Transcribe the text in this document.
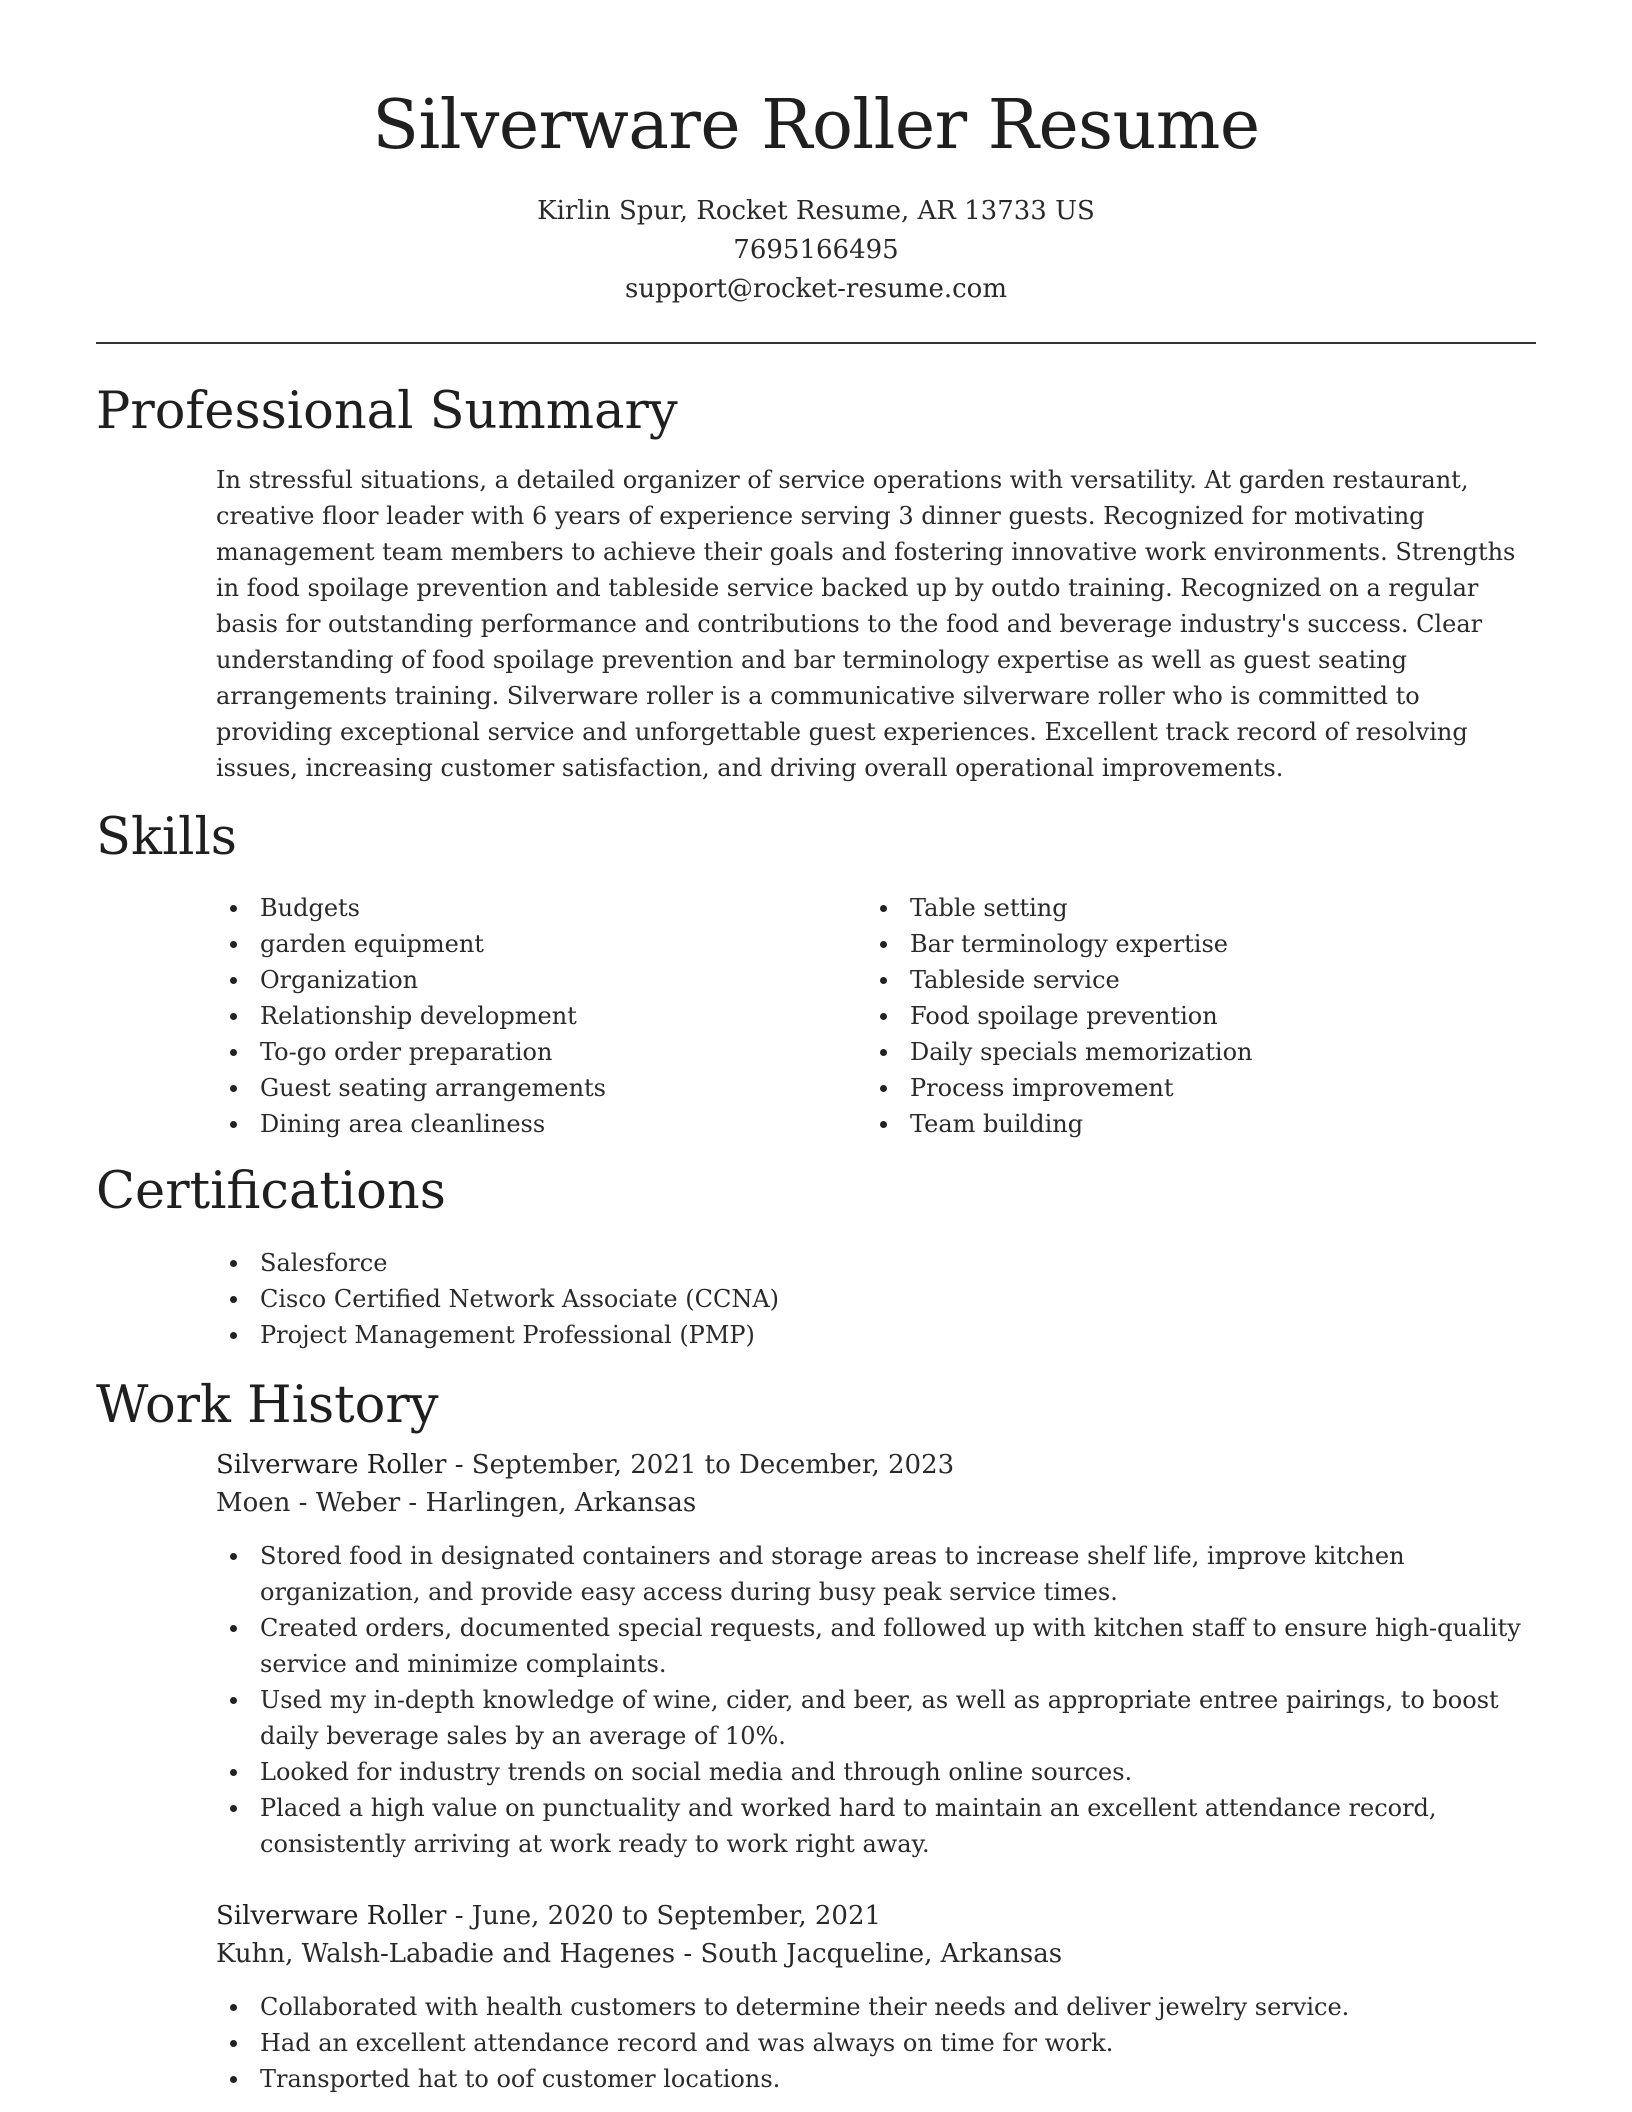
Silverware Roller Resume
Kirlin Spur, Rocket Resume, AR 13733 US
7695166495
support@rocket-resume.com
Professional Summary

In stressful situations, a detailed organizer of service operations with versatility. At garden restaurant, creative floor leader with 6 years of experience serving 3 dinner guests. Recognized for motivating management team members to achieve their goals and fostering innovative work environments. Strengths in food spoilage prevention and tableside service backed up by outdo training. Recognized on a regular basis for outstanding performance and contributions to the food and beverage industry's success. Clear understanding of food spoilage prevention and bar terminology expertise as well as guest seating arrangements training. Silverware roller is a communicative silverware roller who is committed to providing exceptional service and unforgettable guest experiences. Excellent track record of resolving issues, increasing customer satisfaction, and driving overall operational improvements.

Skills
Budgets
garden equipment
Organization
Relationship development
To-go order preparation
Guest seating arrangements
Dining area cleanliness
Table setting
Bar terminology expertise
Tableside service
Food spoilage prevention
Daily specials memorization
Process improvement
Team building
Certifications
Salesforce
Cisco Certified Network Associate (CCNA)
Project Management Professional (PMP)
Work History
Silverware Roller - September, 2021 to December, 2023
Moen - Weber - Harlingen, Arkansas
Stored food in designated containers and storage areas to increase shelf life, improve kitchen organization, and provide easy access during busy peak service times.
Created orders, documented special requests, and followed up with kitchen staff to ensure high-quality service and minimize complaints.
Used my in-depth knowledge of wine, cider, and beer, as well as appropriate entree pairings, to boost daily beverage sales by an average of 10%.
Looked for industry trends on social media and through online sources.
Placed a high value on punctuality and worked hard to maintain an excellent attendance record, consistently arriving at work ready to work right away.
Silverware Roller - June, 2020 to September, 2021
Kuhn, Walsh-Labadie and Hagenes - South Jacqueline, Arkansas
Collaborated with health customers to determine their needs and deliver jewelry service.
Had an excellent attendance record and was always on time for work.
Transported hat to oof customer locations.
